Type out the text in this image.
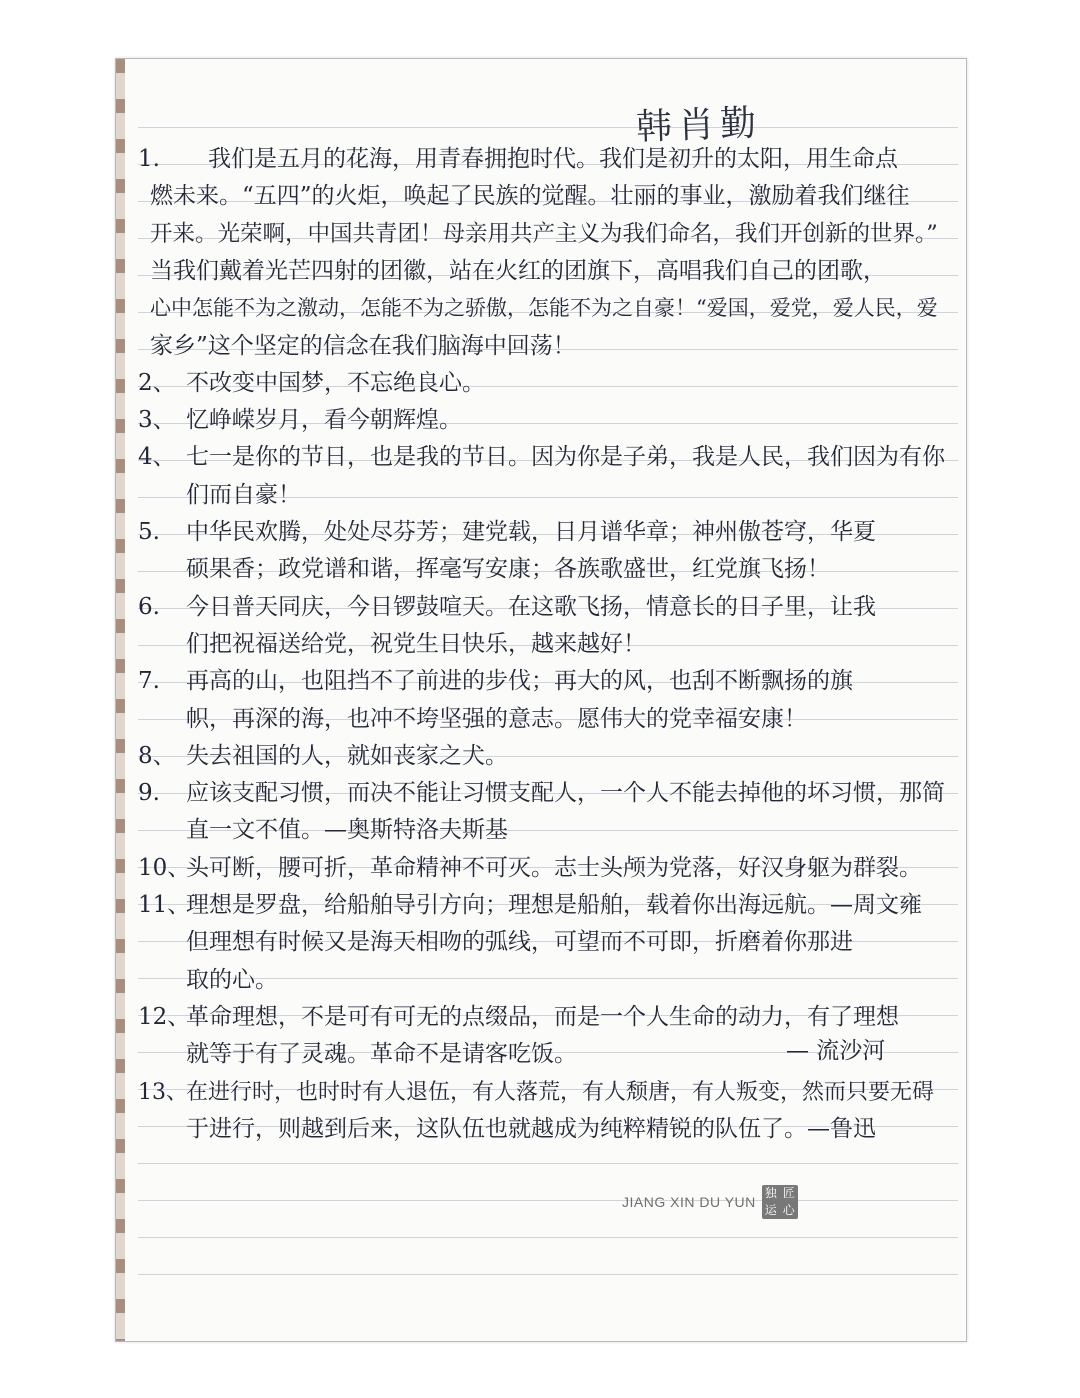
韩肖勤
1. 我们是五月的花海，用青春拥抱时代。我们是初升的太阳，用生命点
燃未来。“五四”的火炬，唤起了民族的觉醒。壮丽的事业，激励着我们继往
开来。光荣啊，中国共青团！母亲用共产主义为我们命名，我们开创新的世界。”
当我们戴着光芒四射的团徽，站在火红的团旗下，高唱我们自己的团歌，
心中怎能不为之激动，怎能不为之骄傲，怎能不为之自豪！“爱国，爱党，爱人民，爱
家乡”这个坚定的信念在我们脑海中回荡！
2、 不改变中国梦，不忘绝良心。
3、 忆峥嵘岁月，看今朝辉煌。
4、 七一是你的节日，也是我的节日。因为你是子弟，我是人民，我们因为有你
们而自豪！
5. 中华民欢腾，处处尽芬芳；建党载，日月谱华章；神州傲苍穹，华夏
硕果香；政党谱和谐，挥毫写安康；各族歌盛世，红党旗飞扬！
6. 今日普天同庆，今日锣鼓喧天。在这歌飞扬，情意长的日子里，让我
们把祝福送给党，祝党生日快乐，越来越好！
7. 再高的山，也阻挡不了前进的步伐；再大的风，也刮不断飘扬的旗
帜，再深的海，也冲不垮坚强的意志。愿伟大的党幸福安康！
8、 失去祖国的人，就如丧家之犬。
9. 应该支配习惯，而决不能让习惯支配人，一个人不能去掉他的坏习惯，那简
直一文不值。—奥斯特洛夫斯基
10、头可断，腰可折，革命精神不可灭。志士头颅为党落，好汉身躯为群裂。
11、理想是罗盘，给船舶导引方向；理想是船舶，载着你出海远航。—周文雍
但理想有时候又是海天相吻的弧线，可望而不可即，折磨着你那进
取的心。
12、革命理想，不是可有可无的点缀品，而是一个人生命的动力，有了理想
就等于有了灵魂。革命不是请客吃饭。
13、在进行时，也时时有人退伍，有人落荒，有人颓唐，有人叛变，然而只要无碍
于进行，则越到后来，这队伍也就越成为纯粹精锐的队伍了。—鲁迅
— 流沙河
JIANG XIN DU YUN
独 匠
运 心
